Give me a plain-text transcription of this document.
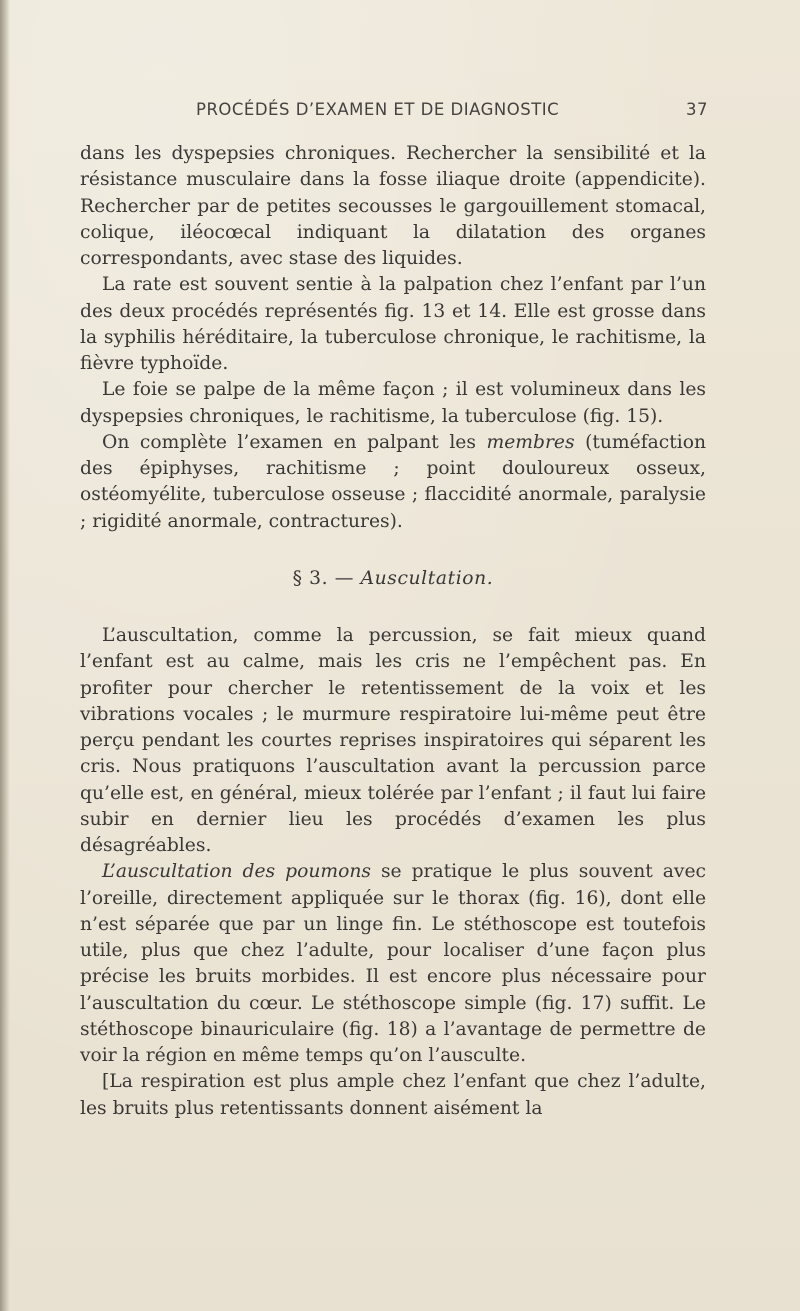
PROCÉDÉS D’EXAMEN ET DE DIAGNOSTIC	37

dans les dyspepsies chroniques. Rechercher la sensibilité et la résistance musculaire dans la fosse iliaque droite (appendicite). Rechercher par de petites secousses le gargouillement stomacal, colique, iléocœcal indiquant la dilatation des organes correspondants, avec stase des liquides.

La rate est souvent sentie à la palpation chez l’enfant par l’un des deux procédés représentés fig. 13 et 14. Elle est grosse dans la syphilis héréditaire, la tuberculose chronique, le rachitisme, la fièvre typhoïde.

Le foie se palpe de la même façon ; il est volumineux dans les dyspepsies chroniques, le rachitisme, la tuberculose (fig. 15).

On complète l’examen en palpant les membres (tuméfaction des épiphyses, rachitisme ; point douloureux osseux, ostéomyélite, tuberculose osseuse ; flaccidité anormale, paralysie ; rigidité anormale, contractures).

§ 3. — Auscultation.

L’auscultation, comme la percussion, se fait mieux quand l’enfant est au calme, mais les cris ne l’empêchent pas. En profiter pour chercher le retentissement de la voix et les vibrations vocales ; le murmure respiratoire lui-même peut être perçu pendant les courtes reprises inspiratoires qui séparent les cris. Nous pratiquons l’auscultation avant la percussion parce qu’elle est, en général, mieux tolérée par l’enfant ; il faut lui faire subir en dernier lieu les procédés d’examen les plus désagréables.

L’auscultation des poumons se pratique le plus souvent avec l’oreille, directement appliquée sur le thorax (fig. 16), dont elle n’est séparée que par un linge fin. Le stéthoscope est toutefois utile, plus que chez l’adulte, pour localiser d’une façon plus précise les bruits morbides. Il est encore plus nécessaire pour l’auscultation du cœur. Le stéthoscope simple (fig. 17) suffit. Le stéthoscope binauriculaire (fig. 18) a l’avantage de permettre de voir la région en même temps qu’on l’ausculte.

[La respiration est plus ample chez l’enfant que chez l’adulte, les bruits plus retentissants donnent aisément la
